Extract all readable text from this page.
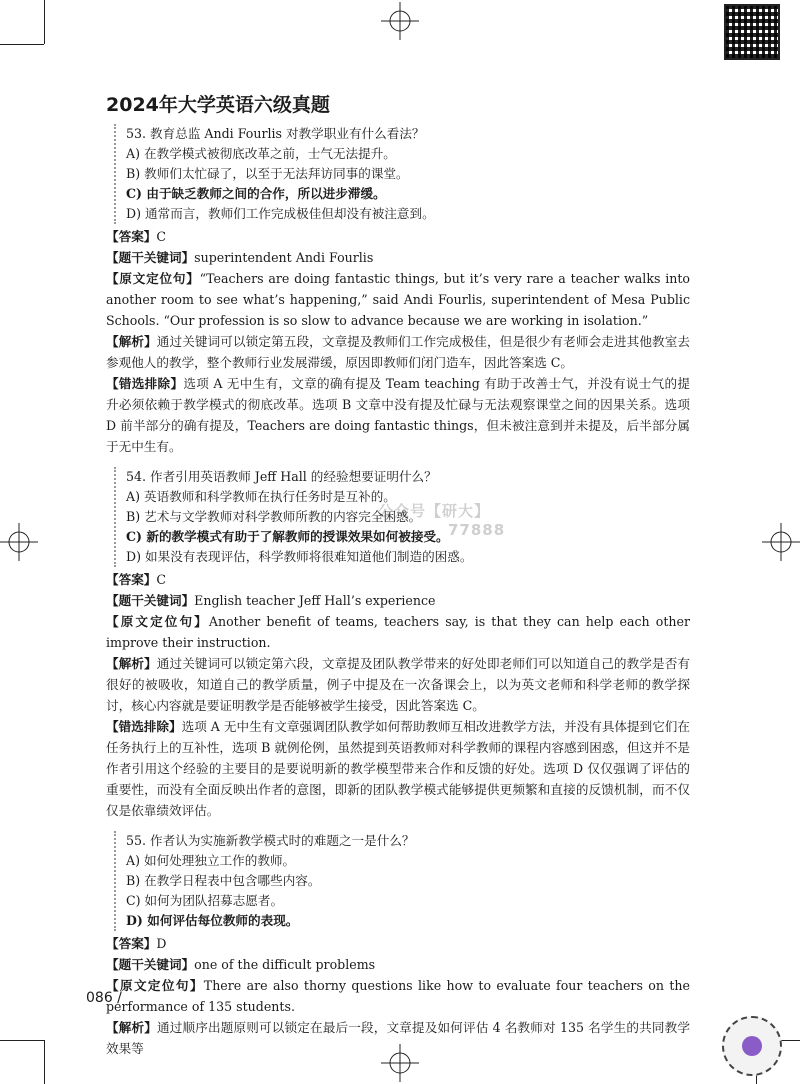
2024年大学英语六级真题
公众号【研大】
77888
53. 教育总监 Andi Fourlis 对教学职业有什么看法？
A) 在教学模式被彻底改革之前，士气无法提升。
B) 教师们太忙碌了，以至于无法拜访同事的课堂。
C) 由于缺乏教师之间的合作，所以进步滞缓。
D) 通常而言，教师们工作完成极佳但却没有被注意到。

【答案】C

【题干关键词】superintendent Andi Fourlis

【原文定位句】“Teachers are doing fantastic things, but it’s very rare a teacher walks into another room to see what’s happening,” said Andi Fourlis, superintendent of Mesa Public Schools. “Our profession is so slow to advance because we are working in isolation.”

【解析】通过关键词可以锁定第五段，文章提及教师们工作完成极佳，但是很少有老师会走进其他教室去参观他人的教学，整个教师行业发展滞缓，原因即教师们闭门造车，因此答案选 C。

【错选排除】选项 A 无中生有，文章的确有提及 Team teaching 有助于改善士气，并没有说士气的提升必须依赖于教学模式的彻底改革。选项 B 文章中没有提及忙碌与无法观察课堂之间的因果关系。选项 D 前半部分的确有提及，Teachers are doing fantastic things，但未被注意到并未提及，后半部分属于无中生有。

54. 作者引用英语教师 Jeff Hall 的经验想要证明什么？
A) 英语教师和科学教师在执行任务时是互补的。
B) 艺术与文学教师对科学教师所教的内容完全困惑。
C) 新的教学模式有助于了解教师的授课效果如何被接受。
D) 如果没有表现评估，科学教师将很难知道他们制造的困惑。

【答案】C

【题干关键词】English teacher Jeff Hall’s experience

【原文定位句】Another benefit of teams, teachers say, is that they can help each other improve their instruction.

【解析】通过关键词可以锁定第六段，文章提及团队教学带来的好处即老师们可以知道自己的教学是否有很好的被吸收，知道自己的教学质量，例子中提及在一次备课会上，以为英文老师和科学老师的教学探讨，核心内容就是要证明教学是否能够被学生接受，因此答案选 C。

【错选排除】选项 A 无中生有文章强调团队教学如何帮助教师互相改进教学方法，并没有具体提到它们在任务执行上的互补性，选项 B 就例伦例，虽然提到英语教师对科学教师的课程内容感到困惑，但这并不是作者引用这个经验的主要目的是要说明新的教学模型带来合作和反馈的好处。选项 D 仅仅强调了评估的重要性，而没有全面反映出作者的意图，即新的团队教学模式能够提供更频繁和直接的反馈机制，而不仅仅是依靠绩效评估。

55. 作者认为实施新教学模式时的难题之一是什么？
A) 如何处理独立工作的教师。
B) 在教学日程表中包含哪些内容。
C) 如何为团队招募志愿者。
D) 如何评估每位教师的表现。

【答案】D

【题干关键词】one of the difficult problems

【原文定位句】There are also thorny questions like how to evaluate four teachers on the performance of 135 students.

【解析】通过顺序出题原则可以锁定在最后一段，文章提及如何评估 4 名教师对 135 名学生的共同教学效果等

086 /
